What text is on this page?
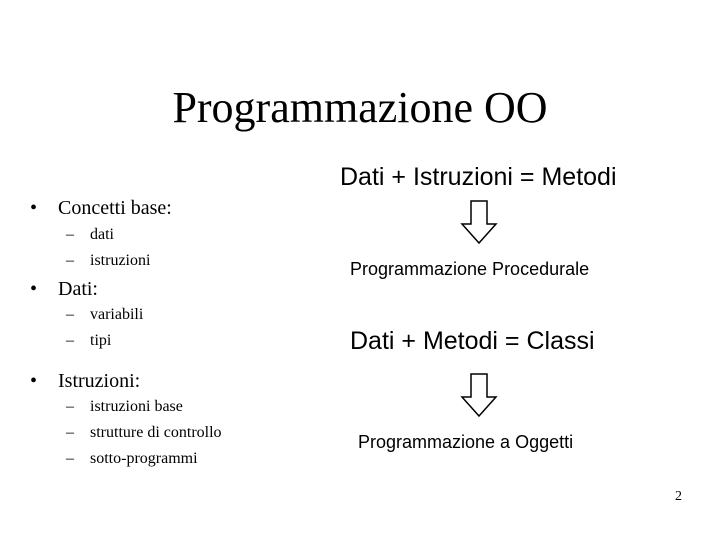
Programmazione OO
• Concetti base:
– dati
– istruzioni
• Dati:
– variabili
– tipi
• Istruzioni:
– istruzioni base
– strutture di controllo
– sotto-programmi
Dati + Istruzioni = Metodi
Programmazione Procedurale
Dati + Metodi = Classi
Programmazione a Oggetti
2
